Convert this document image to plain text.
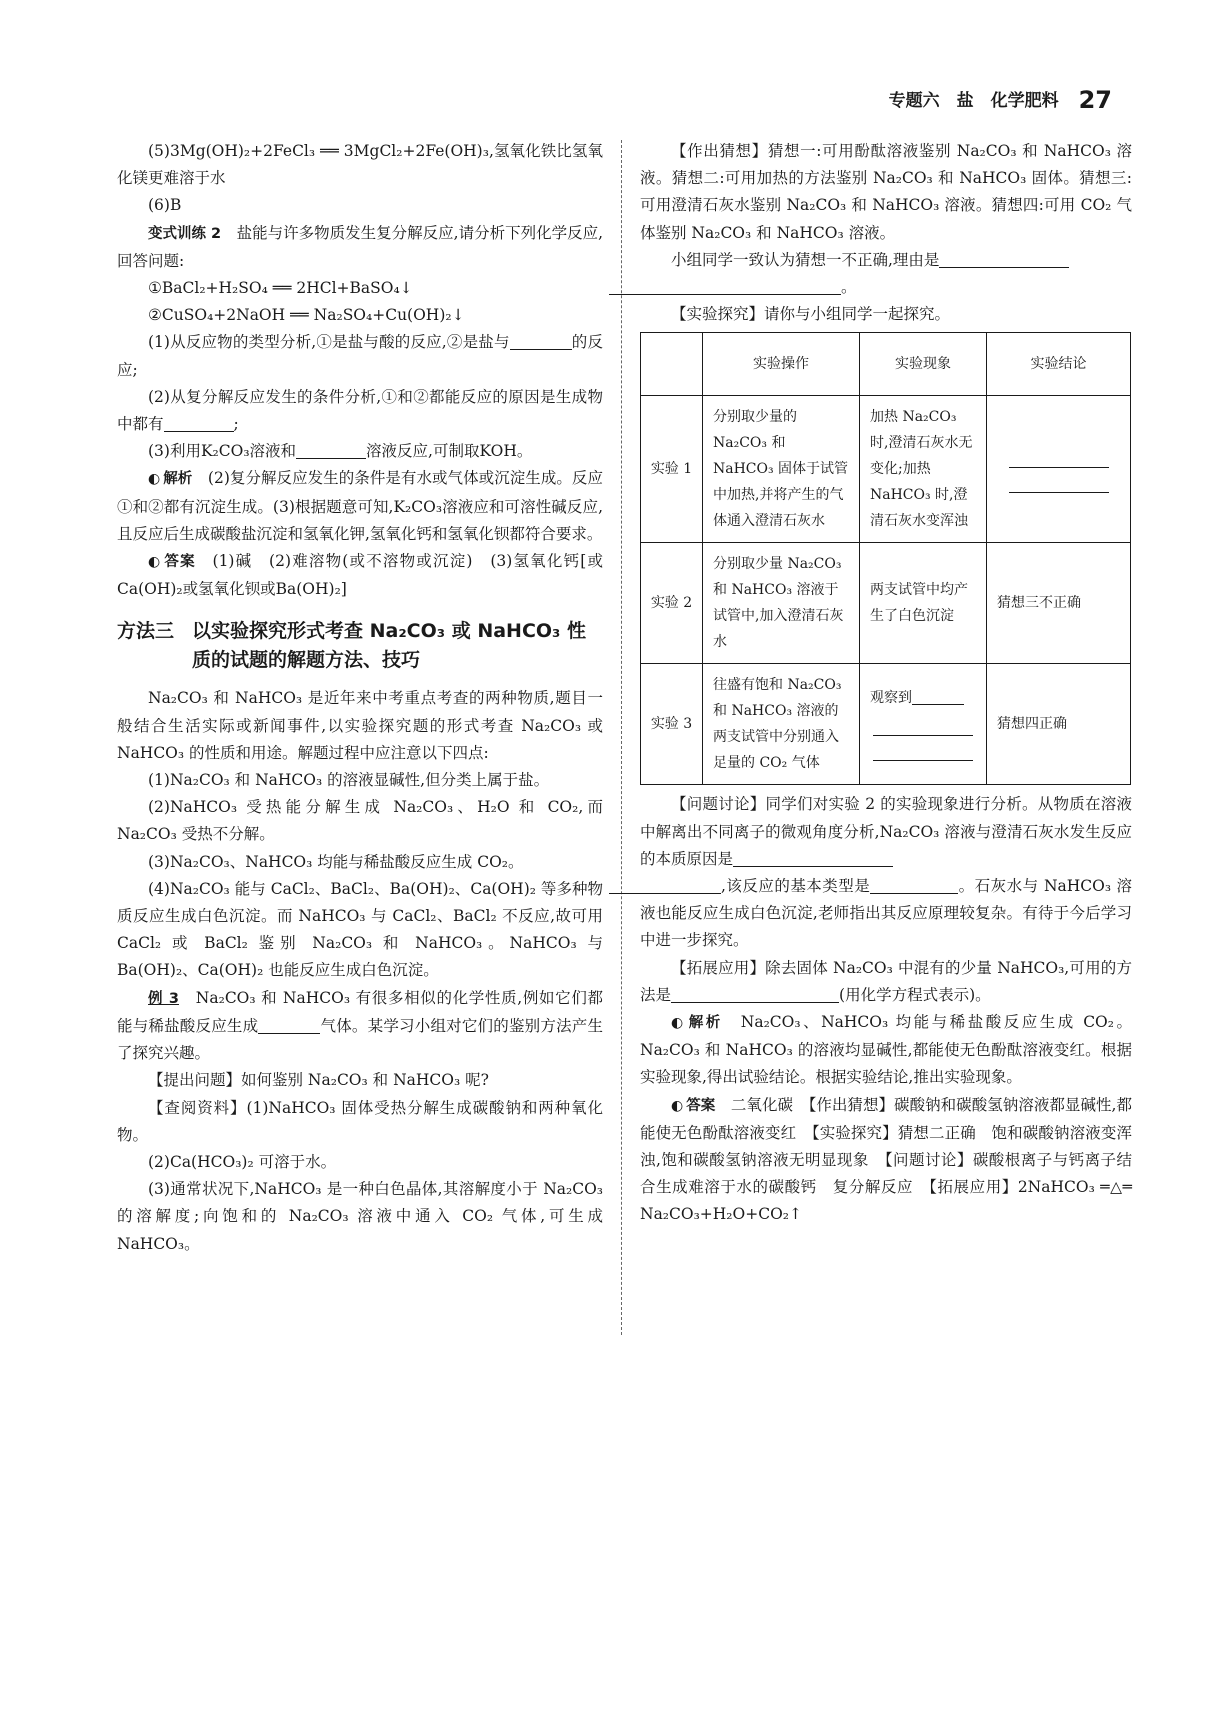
专题六　盐　化学肥料 27

(5)3Mg(OH)₂+2FeCl₃ ══ 3MgCl₂+2Fe(OH)₃,氢氧化铁比氢氧化镁更难溶于水

(6)B

变式训练 2　 盐能与许多物质发生复分解反应,请分析下列化学反应,回答问题:

①BaCl₂+H₂SO₄ ══ 2HCl+BaSO₄↓

②CuSO₄+2NaOH ══ Na₂SO₄+Cu(OH)₂↓

(1)从反应物的类型分析,①是盐与酸的反应,②是盐与	的反应;

(2)从复分解反应发生的条件分析,①和②都能反应的原因是生成物中都有	;

(3)利用K₂CO₃溶液和	溶液反应,可制取KOH。

◐ 解析　 (2)复分解反应发生的条件是有水或气体或沉淀生成。反应①和②都有沉淀生成。(3)根据题意可知,K₂CO₃溶液应和可溶性碱反应,且反应后生成碳酸盐沉淀和氢氧化钾,氢氧化钙和氢氧化钡都符合要求。

◐ 答案　 (1)碱　(2)难溶物(或不溶物或沉淀)　(3)氢氧化钙[或Ca(OH)₂或氢氧化钡或Ba(OH)₂]

方法三 以实验探究形式考查 Na₂CO₃ 或 NaHCO₃ 性质的试题的解题方法、技巧

Na₂CO₃ 和 NaHCO₃ 是近年来中考重点考查的两种物质,题目一般结合生活实际或新闻事件,以实验探究题的形式考查 Na₂CO₃ 或 NaHCO₃ 的性质和用途。解题过程中应注意以下四点:

(1)Na₂CO₃ 和 NaHCO₃ 的溶液显碱性,但分类上属于盐。

(2)NaHCO₃ 受热能分解生成 Na₂CO₃、H₂O 和 CO₂,而 Na₂CO₃ 受热不分解。

(3)Na₂CO₃、NaHCO₃ 均能与稀盐酸反应生成 CO₂。

(4)Na₂CO₃ 能与 CaCl₂、BaCl₂、Ba(OH)₂、Ca(OH)₂ 等多种物质反应生成白色沉淀。而 NaHCO₃ 与 CaCl₂、BaCl₂ 不反应,故可用 CaCl₂ 或 BaCl₂ 鉴别 Na₂CO₃ 和 NaHCO₃。NaHCO₃ 与 Ba(OH)₂、Ca(OH)₂ 也能反应生成白色沉淀。

例 3　 Na₂CO₃ 和 NaHCO₃ 有很多相似的化学性质,例如它们都能与稀盐酸反应生成	气体。某学习小组对它们的鉴别方法产生了探究兴趣。

【提出问题】如何鉴别 Na₂CO₃ 和 NaHCO₃ 呢?

【查阅资料】(1)NaHCO₃ 固体受热分解生成碳酸钠和两种氧化物。

(2)Ca(HCO₃)₂ 可溶于水。

(3)通常状况下,NaHCO₃ 是一种白色晶体,其溶解度小于 Na₂CO₃ 的溶解度;向饱和的 Na₂CO₃ 溶液中通入 CO₂ 气体,可生成 NaHCO₃。

【作出猜想】猜想一:可用酚酞溶液鉴别 Na₂CO₃ 和 NaHCO₃ 溶液。猜想二:可用加热的方法鉴别 Na₂CO₃ 和 NaHCO₃ 固体。猜想三:可用澄清石灰水鉴别 Na₂CO₃ 和 NaHCO₃ 溶液。猜想四:可用 CO₂ 气体鉴别 Na₂CO₃ 和 NaHCO₃ 溶液。

小组同学一致认为猜想一不正确,理由是
。

【实验探究】请你与小组同学一起探究。

	实验操作	实验现象	实验结论
实验 1	分别取少量的 Na₂CO₃ 和 NaHCO₃ 固体于试管中加热,并将产生的气体通入澄清石灰水	加热 Na₂CO₃ 时,澄清石灰水无变化;加热 NaHCO₃ 时,澄清石灰水变浑浊	

实验 2	分别取少量 Na₂CO₃ 和 NaHCO₃ 溶液于试管中,加入澄清石灰水	两支试管中均产生了白色沉淀	猜想三不正确
实验 3	往盛有饱和 Na₂CO₃ 和 NaHCO₃ 溶液的两支试管中分别通入足量的 CO₂ 气体	观察到	猜想四正确

【问题讨论】同学们对实验 2 的实验现象进行分析。从物质在溶液中解离出不同离子的微观角度分析,Na₂CO₃ 溶液与澄清石灰水发生反应的本质原因是
,该反应的基本类型是	。石灰水与 NaHCO₃ 溶液也能反应生成白色沉淀,老师指出其反应原理较复杂。有待于今后学习中进一步探究。

【拓展应用】除去固体 Na₂CO₃ 中混有的少量 NaHCO₃,可用的方法是	(用化学方程式表示)。

◐ 解析　 Na₂CO₃、NaHCO₃ 均能与稀盐酸反应生成 CO₂。Na₂CO₃ 和 NaHCO₃ 的溶液均显碱性,都能使无色酚酞溶液变红。根据实验现象,得出试验结论。根据实验结论,推出实验现象。

◐ 答案　 二氧化碳　【作出猜想】碳酸钠和碳酸氢钠溶液都显碱性,都能使无色酚酞溶液变红　【实验探究】猜想二正确　饱和碳酸钠溶液变浑浊,饱和碳酸氢钠溶液无明显现象　【问题讨论】碳酸根离子与钙离子结合生成难溶于水的碳酸钙　复分解反应　【拓展应用】2NaHCO₃ ═△═ Na₂CO₃+H₂O+CO₂↑
